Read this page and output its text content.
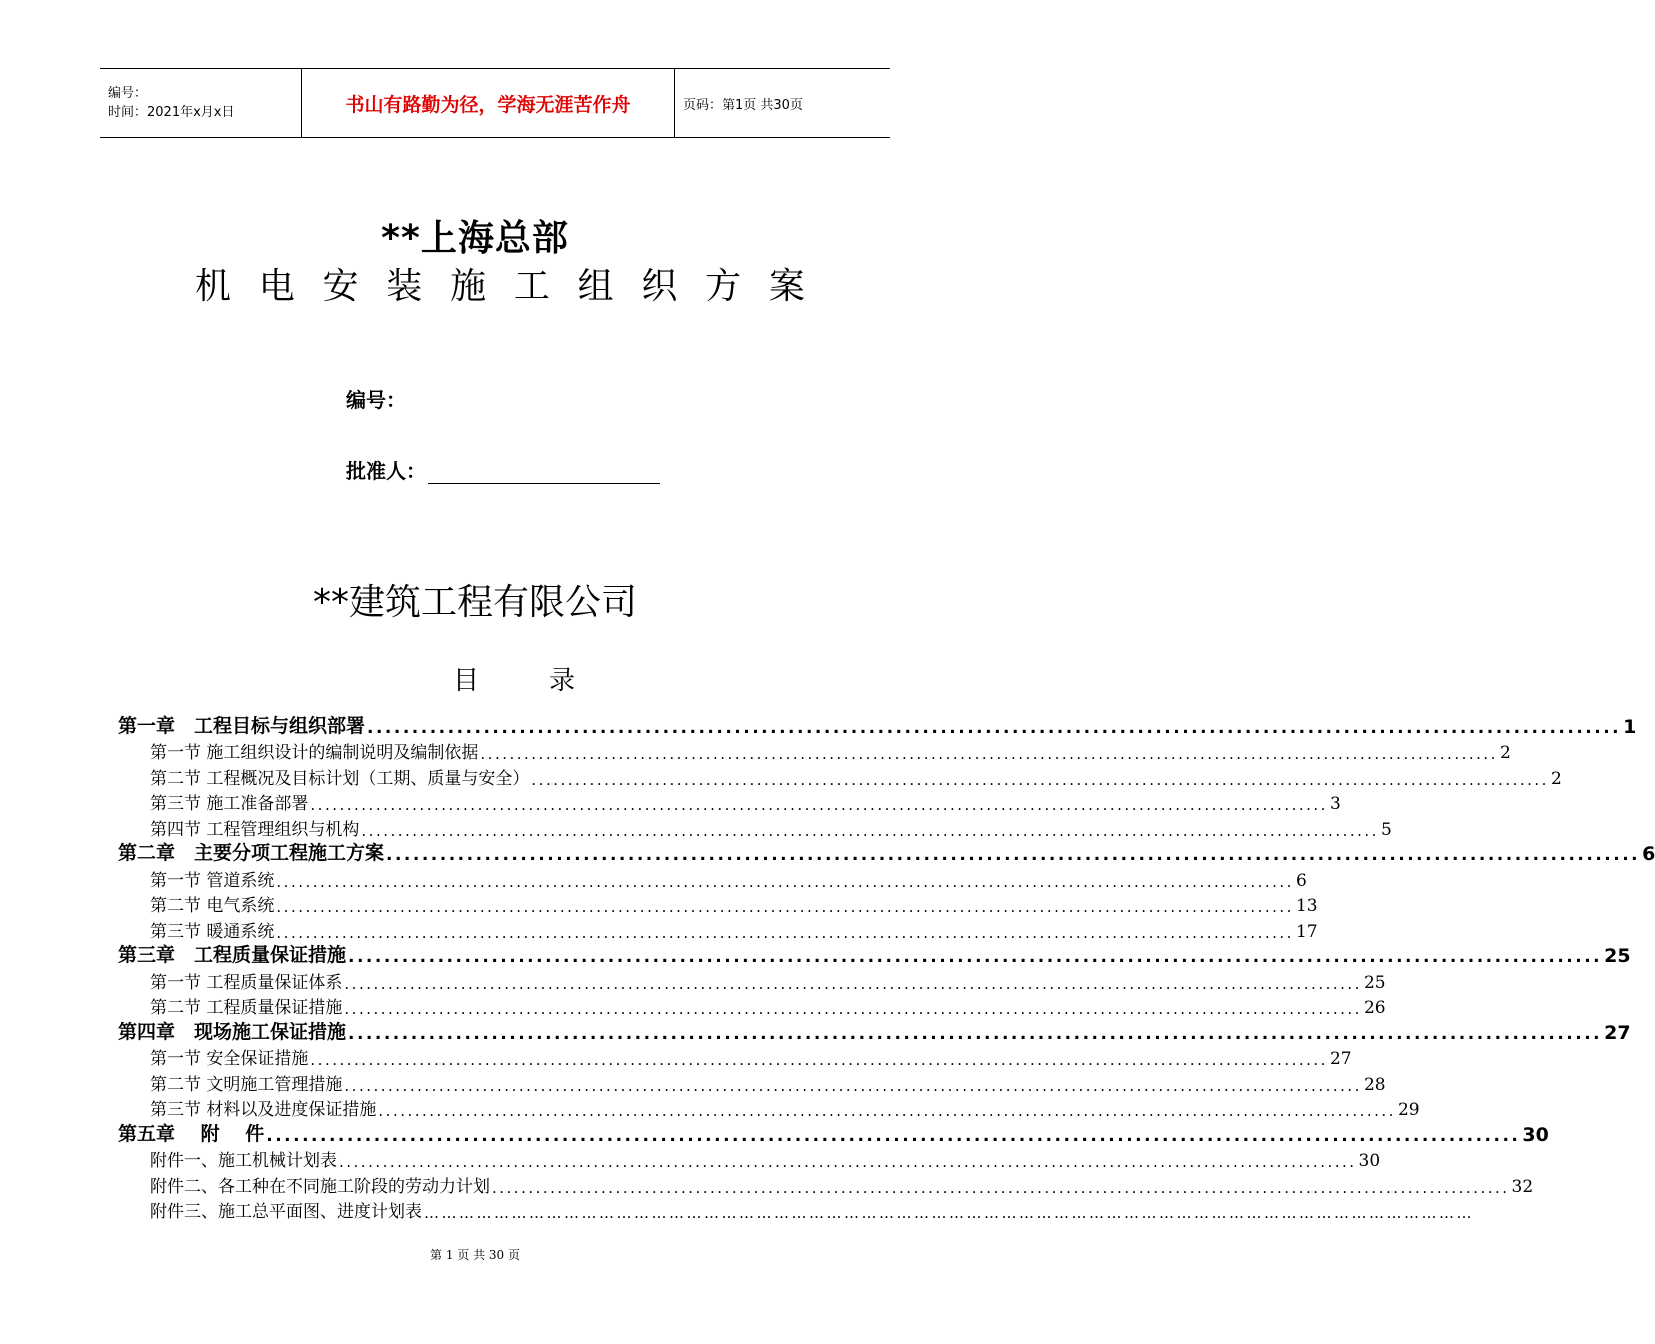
编号：
时间：2021年x月x日	书山有路勤为径，学海无涯苦作舟	页码：第1页 共30页
**上海总部
机 电 安 装 施 工 组 织 方 案
编号：
批准人：
**建筑工程有限公司
目	录
第一章　工程目标与组织部署 ............................................................................................................................................ 1
第一节 施工组织设计的编制说明及编制依据 ............................................................................................................................................ 2
第二节 工程概况及目标计划（工期、质量与安全） ............................................................................................................................................ 2
第三节 施工准备部署 ............................................................................................................................................ 3
第四节 工程管理组织与机构 ............................................................................................................................................ 5
第二章　主要分项工程施工方案 ............................................................................................................................................ 6
第一节 管道系统 ............................................................................................................................................ 6
第二节 电气系统 ............................................................................................................................................ 13
第三节 暖通系统 ............................................................................................................................................ 17
第三章　工程质量保证措施 ............................................................................................................................................ 25
第一节 工程质量保证体系 ............................................................................................................................................ 25
第二节 工程质量保证措施 ............................................................................................................................................ 26
第四章　现场施工保证措施 ............................................................................................................................................ 27
第一节 安全保证措施 ............................................................................................................................................ 27
第二节 文明施工管理措施 ............................................................................................................................................ 28
第三节 材料以及进度保证措施 ............................................................................................................................................ 29
第五章　 附　 件 ............................................................................................................................................ 30
附件一、施工机械计划表 ............................................................................................................................................ 30
附件二、各工种在不同施工阶段的劳动力计划 ............................................................................................................................................ 32
附件三、施工总平面图、进度计划表 ………………………………………………………………………………………………………………………………………………………………
第 1 页 共 30 页
